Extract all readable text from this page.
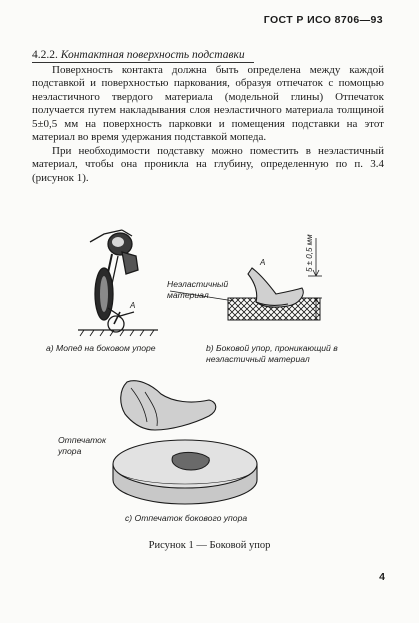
ГОСТ Р ИСО 8706—93
4.2.2. Контактная поверхность подставки

Поверхность контакта должна быть определена между каждой подставкой и поверхностью паркования, образуя отпечаток с помощью неэластичного твердого материала (модельной глины) Отпечаток получается путем накладывания слоя неэластичного материала толщиной 5±0,5 мм на поверхность парковки и помещения подставки на этот материал во время удержания подставкой мопеда.

При необходимости подставку можно поместить в неэластичный материал, чтобы она проникла на глубину, определенную по п. 3.4 (рисунок 1).

A
a) Мопед на боковом упоре
A	5 ± 0,5 мм
Неэластичный материал
b) Боковой упор, проникающий в неэластичный материал
Отпечаток упора
c) Отпечаток бокового упора
Рисунок 1 — Боковой упор
4
